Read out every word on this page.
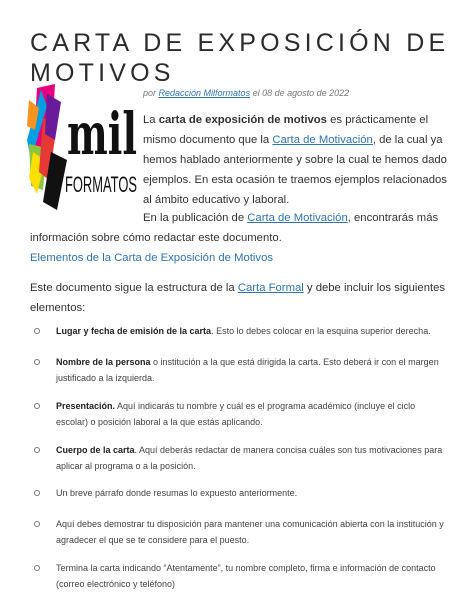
CARTA DE EXPOSICIÓN DE MOTIVOS
por Redacción Milformatos el 08 de agosto de 2022
mil
FORMATOS
La carta de exposición de motivos es prácticamente el mismo documento que la Carta de Motivación, de la cual ya hemos hablado anteriormente y sobre la cual te hemos dado ejemplos. En esta ocasión te traemos ejemplos relacionados al ámbito educativo y laboral.
En la publicación de Carta de Motivación, encontrarás más información sobre cómo redactar este documento.
Elementos de la Carta de Exposición de Motivos
Este documento sigue la estructura de la Carta Formal y debe incluir los siguientes elementos:
Lugar y fecha de emisión de la carta. Esto lo debes colocar en la esquina superior derecha.
Nombre de la persona o institución a la que está dirigida la carta. Esto deberá ir con el margen justificado a la izquierda.
Presentación. Aquí indicarás tu nombre y cuál es el programa académico (incluye el ciclo escolar) o posición laboral a la que estás aplicando.
Cuerpo de la carta. Aquí deberás redactar de manera concisa cuáles son tus motivaciones para aplicar al programa o a la posición.
Un breve párrafo donde resumas lo expuesto anteriormente.
Aquí debes demostrar tu disposición para mantener una comunicación abierta con la institución y agradecer el que se te considere para el puesto.
Termina la carta indicando “Atentamente”, tu nombre completo, firma e información de contacto (correo electrónico y teléfono)
